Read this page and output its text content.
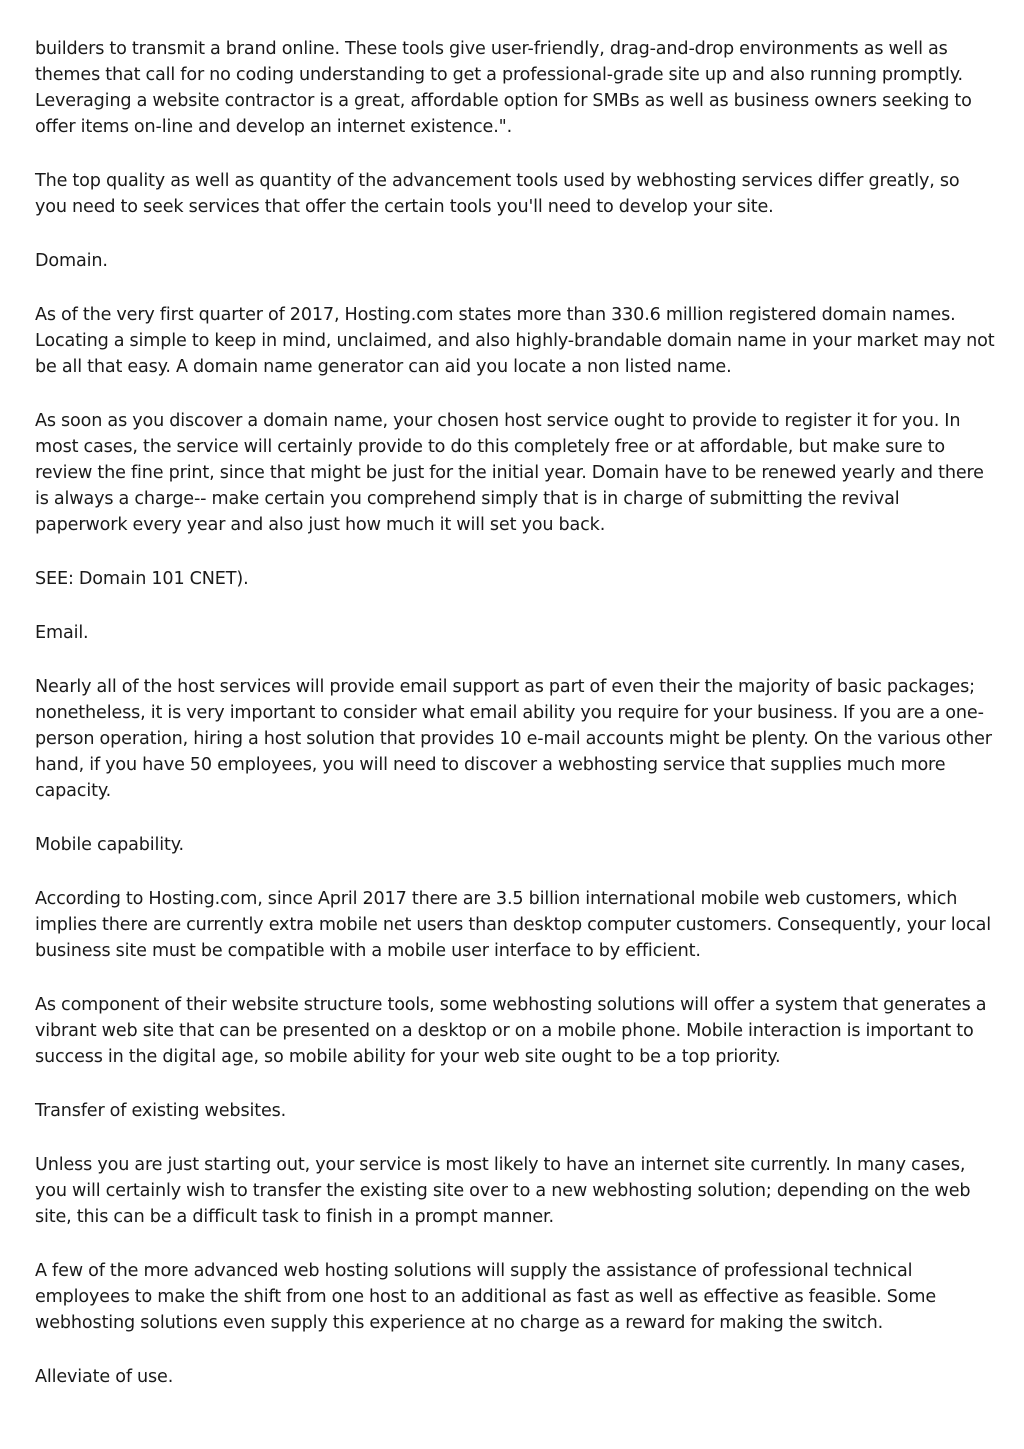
builders to transmit a brand online. These tools give user-friendly, drag-and-drop environments as well as themes that call for no coding understanding to get a professional-grade site up and also running promptly. Leveraging a website contractor is a great, affordable option for SMBs as well as business owners seeking to offer items on-line and develop an internet existence.".

The top quality as well as quantity of the advancement tools used by webhosting services differ greatly, so you need to seek services that offer the certain tools you'll need to develop your site.

Domain.

As of the very first quarter of 2017, Hosting.com states more than 330.6 million registered domain names. Locating a simple to keep in mind, unclaimed, and also highly-brandable domain name in your market may not be all that easy. A domain name generator can aid you locate a non listed name.

As soon as you discover a domain name, your chosen host service ought to provide to register it for you. In most cases, the service will certainly provide to do this completely free or at affordable, but make sure to review the fine print, since that might be just for the initial year. Domain have to be renewed yearly and there is always a charge-- make certain you comprehend simply that is in charge of submitting the revival paperwork every year and also just how much it will set you back.

SEE: Domain 101 CNET).

Email.

Nearly all of the host services will provide email support as part of even their the majority of basic packages; nonetheless, it is very important to consider what email ability you require for your business. If you are a one-person operation, hiring a host solution that provides 10 e-mail accounts might be plenty. On the various other hand, if you have 50 employees, you will need to discover a webhosting service that supplies much more capacity.

Mobile capability.

According to Hosting.com, since April 2017 there are 3.5 billion international mobile web customers, which implies there are currently extra mobile net users than desktop computer customers. Consequently, your local business site must be compatible with a mobile user interface to by efficient.

As component of their website structure tools, some webhosting solutions will offer a system that generates a vibrant web site that can be presented on a desktop or on a mobile phone. Mobile interaction is important to success in the digital age, so mobile ability for your web site ought to be a top priority.

Transfer of existing websites.

Unless you are just starting out, your service is most likely to have an internet site currently. In many cases, you will certainly wish to transfer the existing site over to a new webhosting solution; depending on the web site, this can be a difficult task to finish in a prompt manner.

A few of the more advanced web hosting solutions will supply the assistance of professional technical employees to make the shift from one host to an additional as fast as well as effective as feasible. Some webhosting solutions even supply this experience at no charge as a reward for making the switch.

Alleviate of use.
